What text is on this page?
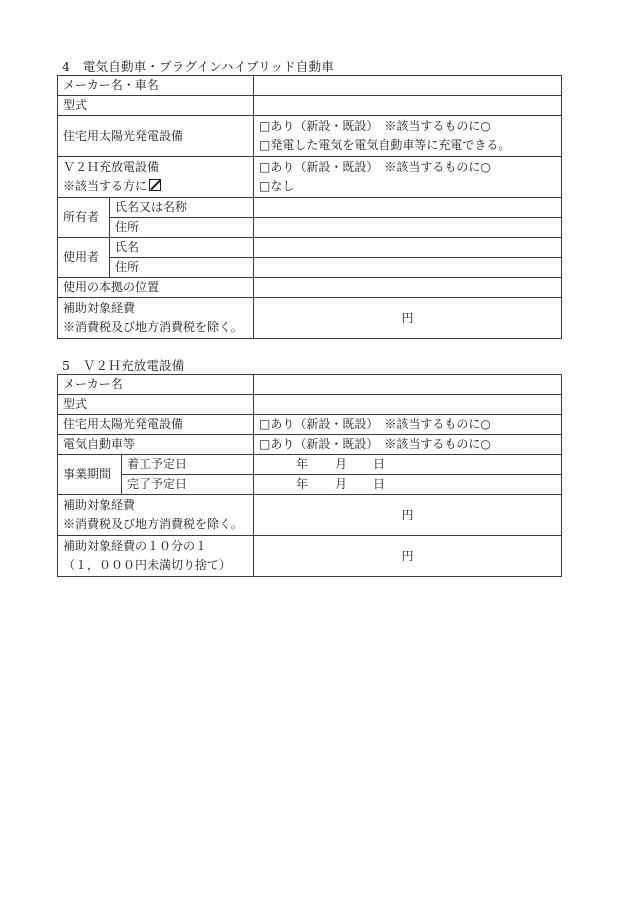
4　電気自動車・プラグインハイブリッド自動車
メーカー名・車名		
型式		
住宅用太陽光発電設備		□あり（新設・既設）　※該当するものに○
□発電した電気を電気自動車等に充電できる。

Ｖ２Ｈ充放電設備
※該当する方に		□あり（新設・既設）　※該当するものに○
□なし

所有者	氏名又は名称	
	住所	
使用者	氏名	
	住所	
使用の本拠の位置		

補助対象経費
※消費税及び地方消費税を除く。		円
5　Ｖ２Ｈ充放電設備
メーカー名		
型式		
住宅用太陽光発電設備		□あり（新設・既設）　※該当するものに○
電気自動車等		□あり（新設・既設）　※該当するものに○
事業期間	着工予定日	年 月 日
	完了予定日	年 月 日

補助対象経費
※消費税及び地方消費税を除く。		円

補助対象経費の１０分の１
（１，０００円未満切り捨て）		円
